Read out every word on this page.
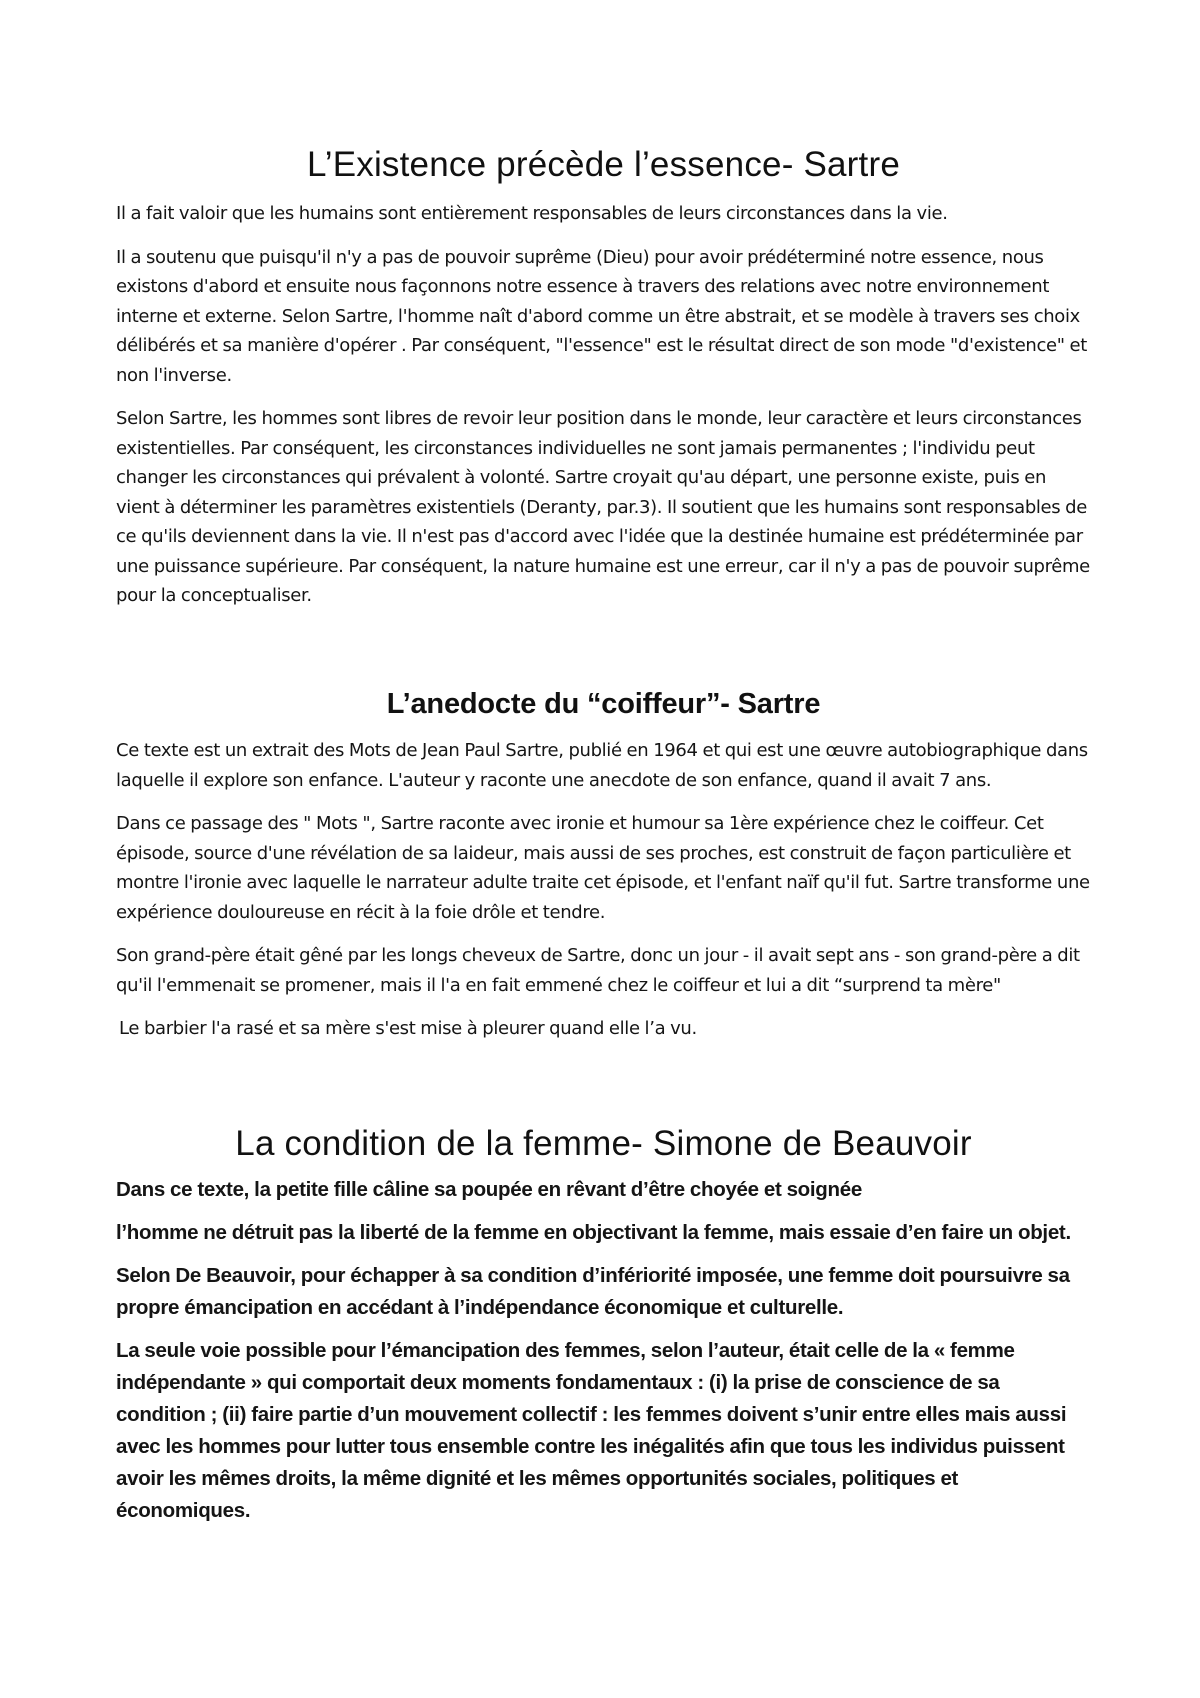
L’Existence précède l’essence- Sartre

Il a fait valoir que les humains sont entièrement responsables de leurs circonstances dans la vie.

Il a soutenu que puisqu'il n'y a pas de pouvoir suprême (Dieu) pour avoir prédéterminé notre essence, nous existons d'abord et ensuite nous façonnons notre essence à travers des relations avec notre environnement interne et externe. Selon Sartre, l'homme naît d'abord comme un être abstrait, et se modèle à travers ses choix délibérés et sa manière d'opérer . Par conséquent, "l'essence" est le résultat direct de son mode "d'existence" et non l'inverse.

Selon Sartre, les hommes sont libres de revoir leur position dans le monde, leur caractère et leurs circonstances existentielles. Par conséquent, les circonstances individuelles ne sont jamais permanentes ; l'individu peut changer les circonstances qui prévalent à volonté. Sartre croyait qu'au départ, une personne existe, puis en vient à déterminer les paramètres existentiels (Deranty, par.3). Il soutient que les humains sont responsables de ce qu'ils deviennent dans la vie. Il n'est pas d'accord avec l'idée que la destinée humaine est prédéterminée par une puissance supérieure. Par conséquent, la nature humaine est une erreur, car il n'y a pas de pouvoir suprême pour la conceptualiser.

L’anedocte du “coiffeur”- Sartre

Ce texte est un extrait des Mots de Jean Paul Sartre, publié en 1964 et qui est une œuvre autobiographique dans laquelle il explore son enfance. L'auteur y raconte une anecdote de son enfance, quand il avait 7 ans.

Dans ce passage des " Mots ", Sartre raconte avec ironie et humour sa 1ère expérience chez le coiffeur. Cet épisode, source d'une révélation de sa laideur, mais aussi de ses proches, est construit de façon particulière et montre l'ironie avec laquelle le narrateur adulte traite cet épisode, et l'enfant naïf qu'il fut. Sartre transforme une expérience douloureuse en récit à la foie drôle et tendre.

Son grand-père était gêné par les longs cheveux de Sartre, donc un jour - il avait sept ans - son grand-père a dit qu'il l'emmenait se promener, mais il l'a en fait emmené chez le coiffeur et lui a dit “surprend ta mère"

Le barbier l'a rasé et sa mère s'est mise à pleurer quand elle l’a vu.

La condition de la femme- Simone de Beauvoir

Dans ce texte, la petite fille câline sa poupée en rêvant d’être choyée et soignée

l’homme ne détruit pas la liberté de la femme en objectivant la femme, mais essaie d’en faire un objet.

Selon De Beauvoir, pour échapper à sa condition d’infériorité imposée, une femme doit poursuivre sa propre émancipation en accédant à l’indépendance économique et culturelle.

La seule voie possible pour l’émancipation des femmes, selon l’auteur, était celle de la « femme indépendante » qui comportait deux moments fondamentaux : (i) la prise de conscience de sa condition ; (ii) faire partie d’un mouvement collectif : les femmes doivent s’unir entre elles mais aussi avec les hommes pour lutter tous ensemble contre les inégalités afin que tous les individus puissent avoir les mêmes droits, la même dignité et les mêmes opportunités sociales, politiques et économiques.
